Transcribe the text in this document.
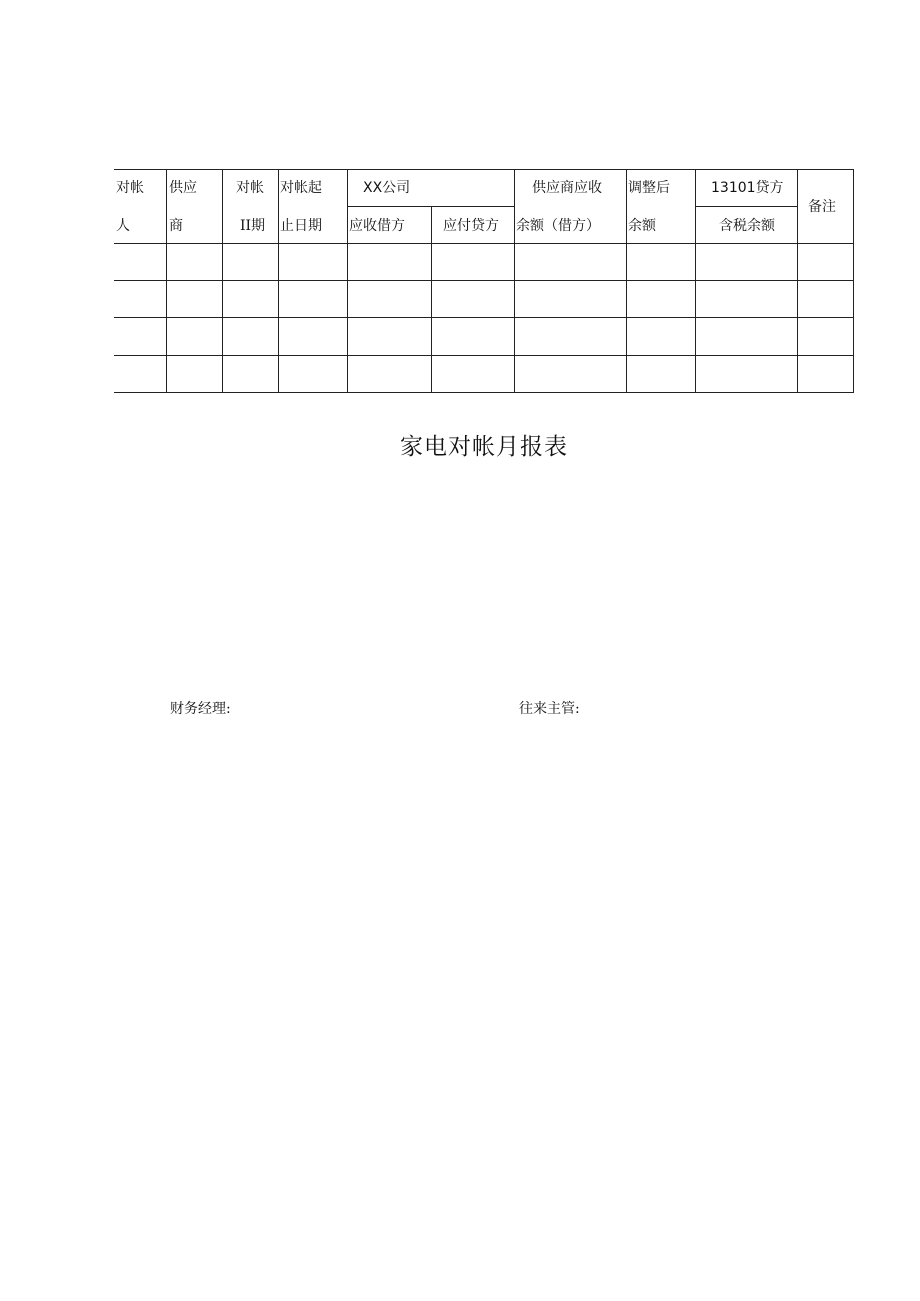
对帐
人
供应
商
对帐
II期
对帐起
止日期
XX公司
应收借方	应付贷方
供应商应收
余额（借方）
调整后
余额
13101贷方
含税余额
备注
家电对帐月报表
财务经理:	往来主管:
